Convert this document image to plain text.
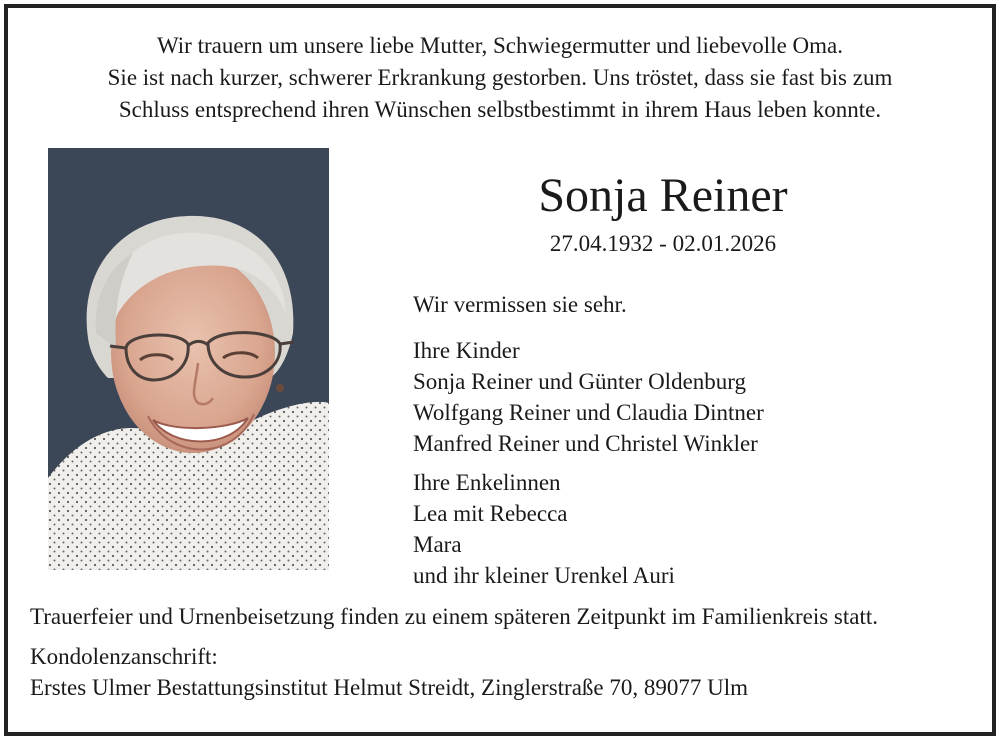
Wir trauern um unsere liebe Mutter, Schwiegermutter und liebevolle Oma.
Sie ist nach kurzer, schwerer Erkrankung gestorben. Uns tröstet, dass sie fast bis zum
Schluss entsprechend ihren Wünschen selbstbestimmt in ihrem Haus leben konnte.
Sonja Reiner
27.04.1932 - 02.01.2026
Wir vermissen sie sehr.
Ihre Kinder
Sonja Reiner und Günter Oldenburg
Wolfgang Reiner und Claudia Dintner
Manfred Reiner und Christel Winkler
Ihre Enkelinnen
Lea mit Rebecca
Mara
und ihr kleiner Urenkel Auri
Trauerfeier und Urnenbeisetzung finden zu einem späteren Zeitpunkt im Familienkreis statt.
Kondolenzanschrift:
Erstes Ulmer Bestattungsinstitut Helmut Streidt, Zinglerstraße 70, 89077 Ulm
